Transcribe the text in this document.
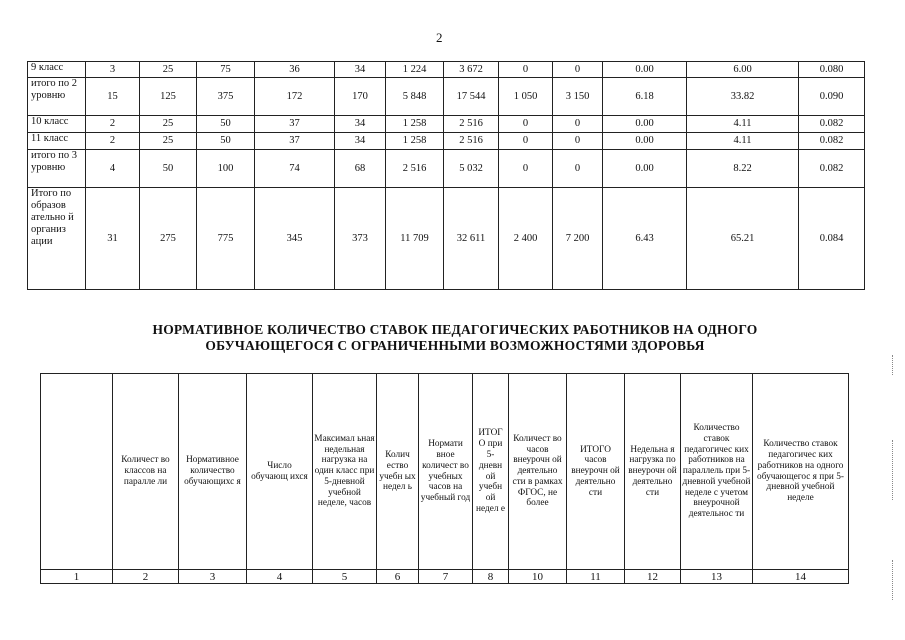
2
9 класс	3	25	75	36	34	1 224	3 672	0	0	0.00	6.00	0.080
итого по 2 уровню	15	125	375	172	170	5 848	17 544	1 050	3 150	6.18	33.82	0.090
10 класс	2	25	50	37	34	1 258	2 516	0	0	0.00	4.11	0.082
11 класс	2	25	50	37	34	1 258	2 516	0	0	0.00	4.11	0.082
итого по 3 уровню	4	50	100	74	68	2 516	5 032	0	0	0.00	8.22	0.082
Итого по образов ательно й организ ации	31	275	775	345	373	11 709	32 611	2 400	7 200	6.43	65.21	0.084
НОРМАТИВНОЕ КОЛИЧЕСТВО СТАВОК ПЕДАГОГИЧЕСКИХ РАБОТНИКОВ НА ОДНОГО
ОБУЧАЮЩЕГОСЯ С ОГРАНИЧЕННЫМИ ВОЗМОЖНОСТЯМИ ЗДОРОВЬЯ
	Количест во классов на паралле ли	Нормативное количество обучающихс я	Число обучающ ихся	Максимал ьная недельная нагрузка на один класс при 5-дневной учебной неделе, часов	Колич ество учебн ых недел ь	Нормати вное количест во учебных часов на учебный год	ИТОГ О при 5- дневн ой учебн ой недел е	Количест во часов внеурочн ой деятельно сти в рамках ФГОС, не более	ИТОГО часов внеурочн ой деятельно сти	Недельна я нагрузка по внеурочн ой деятельно сти	Количество ставок педагогичес ких работников на параллель при 5- дневной учебной неделе с учетом внеурочной деятельнос ти	Количество ставок педагогичес ких работников на одного обучающегос я при 5- дневной учебной неделе
1	2	3	4	5	6	7	8	10	11	12	13	14
